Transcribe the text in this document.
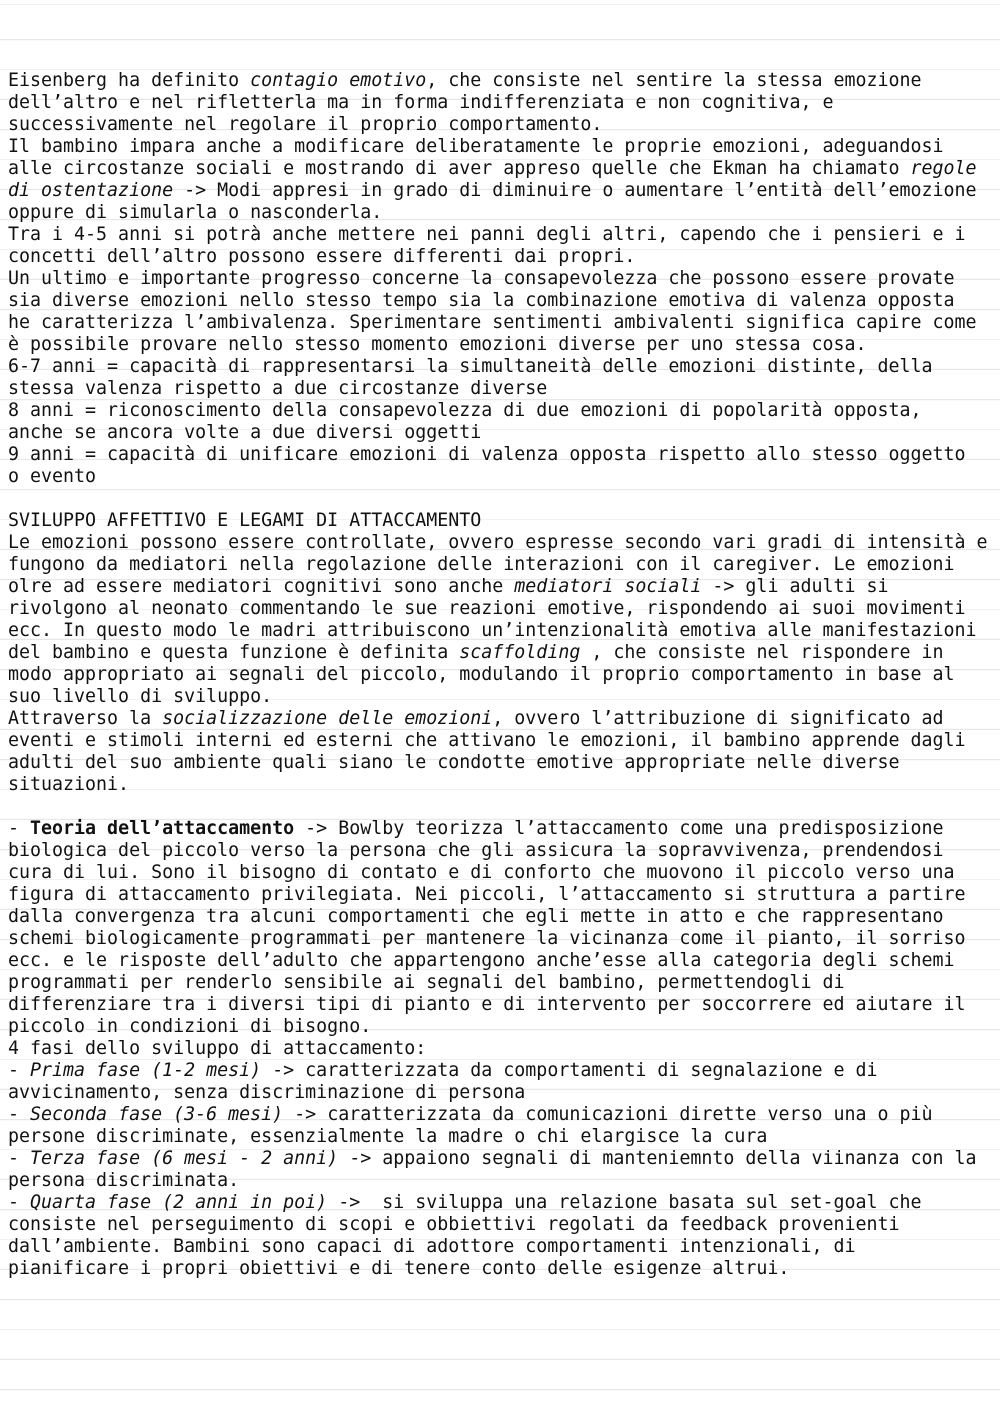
Eisenberg ha definito contagio emotivo, che consiste nel sentire la stessa emozione
dell’altro e nel rifletterla ma in forma indifferenziata e non cognitiva, e
successivamente nel regolare il proprio comportamento.
Il bambino impara anche a modificare deliberatamente le proprie emozioni, adeguandosi
alle circostanze sociali e mostrando di aver appreso quelle che Ekman ha chiamato regole
di ostentazione -> Modi appresi in grado di diminuire o aumentare l’entità dell’emozione
oppure di simularla o nasconderla.
Tra i 4-5 anni si potrà anche mettere nei panni degli altri, capendo che i pensieri e i
concetti dell’altro possono essere differenti dai propri.
Un ultimo e importante progresso concerne la consapevolezza che possono essere provate
sia diverse emozioni nello stesso tempo sia la combinazione emotiva di valenza opposta
he caratterizza l’ambivalenza. Sperimentare sentimenti ambivalenti significa capire come
è possibile provare nello stesso momento emozioni diverse per uno stessa cosa.
6-7 anni = capacità di rappresentarsi la simultaneità delle emozioni distinte, della
stessa valenza rispetto a due circostanze diverse
8 anni = riconoscimento della consapevolezza di due emozioni di popolarità opposta,
anche se ancora volte a due diversi oggetti
9 anni = capacità di unificare emozioni di valenza opposta rispetto allo stesso oggetto
o evento
SVILUPPO AFFETTIVO E LEGAMI DI ATTACCAMENTO
Le emozioni possono essere controllate, ovvero espresse secondo vari gradi di intensità e
fungono da mediatori nella regolazione delle interazioni con il caregiver. Le emozioni
olre ad essere mediatori cognitivi sono anche mediatori sociali -> gli adulti si
rivolgono al neonato commentando le sue reazioni emotive, rispondendo ai suoi movimenti
ecc. In questo modo le madri attribuiscono un’intenzionalità emotiva alle manifestazioni
del bambino e questa funzione è definita scaffolding , che consiste nel rispondere in
modo appropriato ai segnali del piccolo, modulando il proprio comportamento in base al
suo livello di sviluppo.
Attraverso la socializzazione delle emozioni, ovvero l’attribuzione di significato ad
eventi e stimoli interni ed esterni che attivano le emozioni, il bambino apprende dagli
adulti del suo ambiente quali siano le condotte emotive appropriate nelle diverse
situazioni.
- Teoria dell’attaccamento -> Bowlby teorizza l’attaccamento come una predisposizione
biologica del piccolo verso la persona che gli assicura la sopravvivenza, prendendosi
cura di lui. Sono il bisogno di contato e di conforto che muovono il piccolo verso una
figura di attaccamento privilegiata. Nei piccoli, l’attaccamento si struttura a partire
dalla convergenza tra alcuni comportamenti che egli mette in atto e che rappresentano
schemi biologicamente programmati per mantenere la vicinanza come il pianto, il sorriso
ecc. e le risposte dell’adulto che appartengono anche’esse alla categoria degli schemi
programmati per renderlo sensibile ai segnali del bambino, permettendogli di
differenziare tra i diversi tipi di pianto e di intervento per soccorrere ed aiutare il
piccolo in condizioni di bisogno.
4 fasi dello sviluppo di attaccamento:
- Prima fase (1-2 mesi) -> caratterizzata da comportamenti di segnalazione e di
avvicinamento, senza discriminazione di persona
- Seconda fase (3-6 mesi) -> caratterizzata da comunicazioni dirette verso una o più
persone discriminate, essenzialmente la madre o chi elargisce la cura
- Terza fase (6 mesi - 2 anni) -> appaiono segnali di manteniemnto della viinanza con la
persona discriminata.
- Quarta fase (2 anni in poi) ->  si sviluppa una relazione basata sul set-goal che
consiste nel perseguimento di scopi e obbiettivi regolati da feedback provenienti
dall’ambiente. Bambini sono capaci di adottore comportamenti intenzionali, di
pianificare i propri obiettivi e di tenere conto delle esigenze altrui.
